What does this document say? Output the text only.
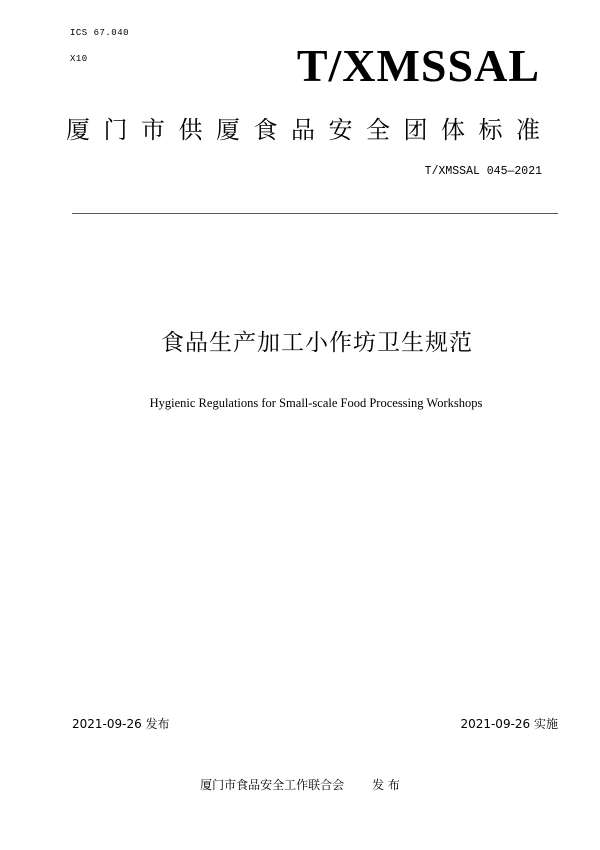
ICS 67.040
X10	T/XMSSAL
厦门市供厦食品安全团体标准
T/XMSSAL 045—2021
食品生产加工小作坊卫生规范
Hygienic Regulations for Small-scale Food Processing Workshops
2021-09-26 发布	2021-09-26 实施
厦门市食品安全工作联合会 发 布
